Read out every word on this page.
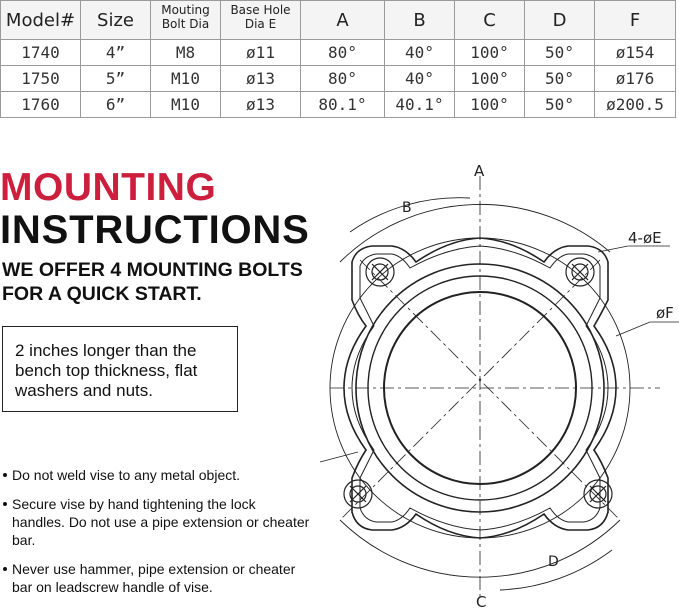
Model#	Size	Mouting Bolt Dia	Base Hole Dia E	A	B	C	D	F
1740	4”	M8	ø11	80°	40°	100°	50°	ø154
1750	5”	M10	ø13	80°	40°	100°	50°	ø176
1760	6”	M10	ø13	80.1°	40.1°	100°	50°	ø200.5
MOUNTING
INSTRUCTIONS

WE OFFER 4 MOUNTING BOLTS FOR A QUICK START.

2 inches longer than the bench top thickness, flat washers and nuts.
Do not weld vise to any metal object.
Secure vise by hand tightening the lock handles. Do not use a pipe extension or cheater bar.
Never use hammer, pipe extension or cheater bar on leadscrew handle of vise.
A
B
C
D
4-øE
øF
